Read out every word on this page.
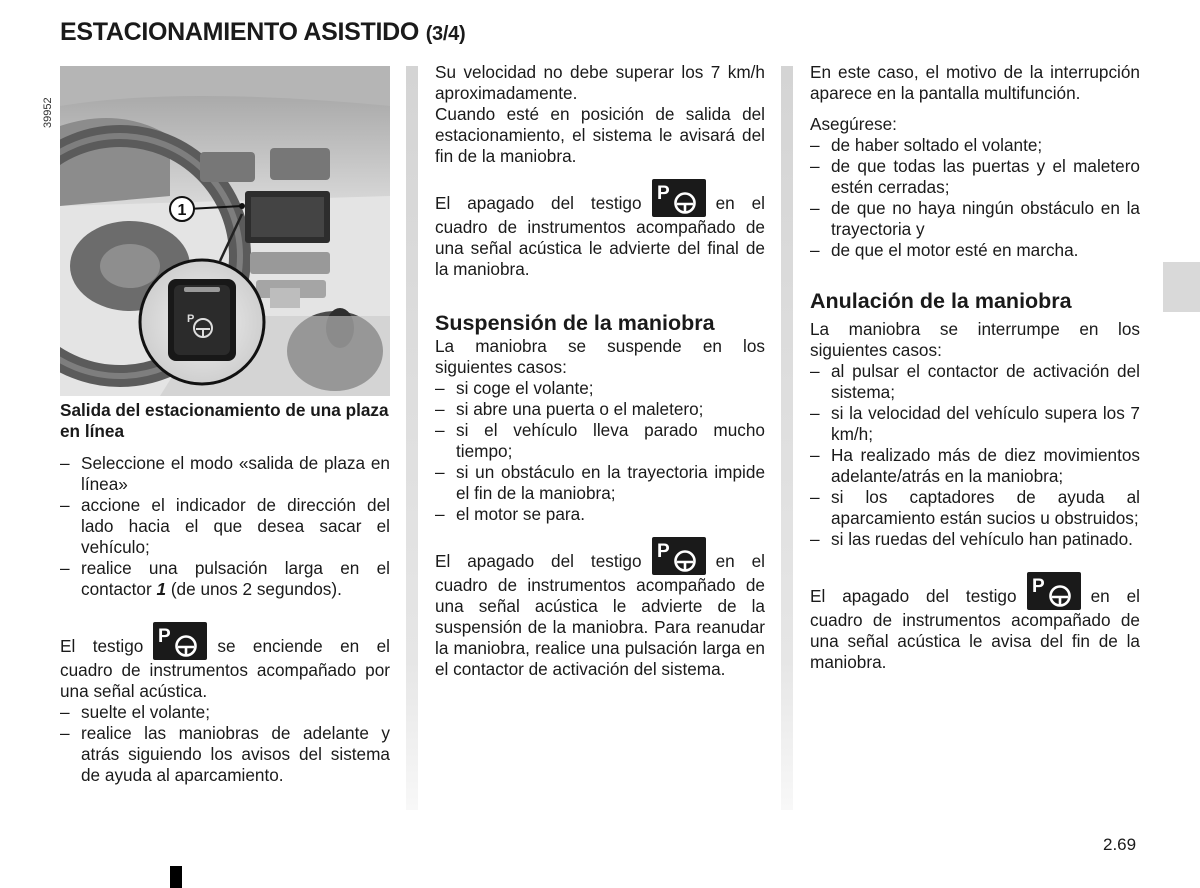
ESTACIONAMIENTO ASISTIDO (3/4)
39952
1
P

Salida del estacionamiento de una plaza en línea

– Seleccione el modo «salida de plaza en línea»
– accione el indicador de dirección del lado hacia el que desea sacar el vehículo;
– realice una pulsación larga en el contactor 1 (de unos 2 segundos).

El testigo P	se enciende en el cuadro de instrumentos acompañado por una señal acústica.

– suelte el volante;
– realice las maniobras de adelante y atrás siguiendo los avisos del sistema de ayuda al aparcamiento.

Su velocidad no debe superar los 7 km/h aproximadamente.

Cuando esté en posición de salida del estacionamiento, el sistema le avisará del fin de la maniobra.

El apagado del testigo P	en el cuadro de instrumentos acompañado de una señal acústica le advierte del final de la maniobra.

Suspensión de la maniobra

La maniobra se suspende en los siguientes casos:

– si coge el volante;
– si abre una puerta o el maletero;
– si el vehículo lleva parado mucho tiempo;
– si un obstáculo en la trayectoria impide el fin de la maniobra;
– el motor se para.

El apagado del testigo P	en el cuadro de instrumentos acompañado de una señal acústica le advierte de la suspensión de la maniobra. Para reanudar la maniobra, realice una pulsación larga en el contactor de activación del sistema.

En este caso, el motivo de la interrupción aparece en la pantalla multifunción.

Asegúrese:

– de haber soltado el volante;
– de que todas las puertas y el maletero estén cerradas;
– de que no haya ningún obstáculo en la trayectoria y
– de que el motor esté en marcha.
Anulación de la maniobra

La maniobra se interrumpe en los siguientes casos:

– al pulsar el contactor de activación del sistema;
– si la velocidad del vehículo supera los 7 km/h;
– Ha realizado más de diez movimientos adelante/atrás en la maniobra;
– si los captadores de ayuda al aparcamiento están sucios u obstruidos;
– si las ruedas del vehículo han patinado.

El apagado del testigo P	en el cuadro de instrumentos acompañado de una señal acústica le avisa del fin de la maniobra.

2.69
